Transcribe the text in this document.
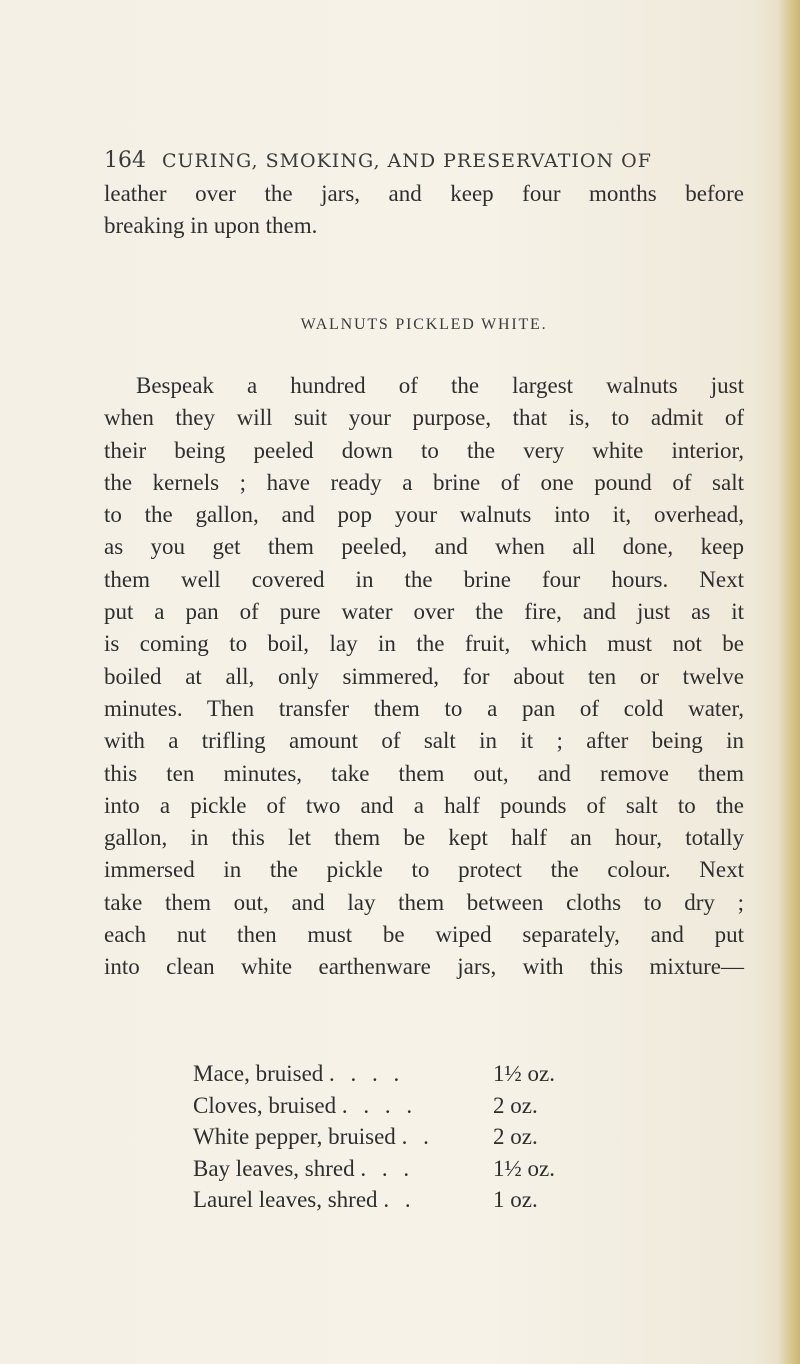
164 CURING, SMOKING, AND PRESERVATION OF
leather over the jars, and keep four months before
breaking in upon them.
WALNUTS PICKLED WHITE.
Bespeak a hundred of the largest walnuts just
when they will suit your purpose, that is, to admit of
their being peeled down to the very white interior,
the kernels ; have ready a brine of one pound of salt
to the gallon, and pop your walnuts into it, overhead,
as you get them peeled, and when all done, keep
them well covered in the brine four hours. Next
put a pan of pure water over the fire, and just as it
is coming to boil, lay in the fruit, which must not be
boiled at all, only simmered, for about ten or twelve
minutes. Then transfer them to a pan of cold water,
with a trifling amount of salt in it ; after being in
this ten minutes, take them out, and remove them
into a pickle of two and a half pounds of salt to the
gallon, in this let them be kept half an hour, totally
immersed in the pickle to protect the colour. Next
take them out, and lay them between cloths to dry ;
each nut then must be wiped separately, and put
into clean white earthenware jars, with this mixture—
Mace, bruised . . . .	1½ oz.
Cloves, bruised . . . .	2 oz.
White pepper, bruised . .	2 oz.
Bay leaves, shred . . .	1½ oz.
Laurel leaves, shred . .	1 oz.
